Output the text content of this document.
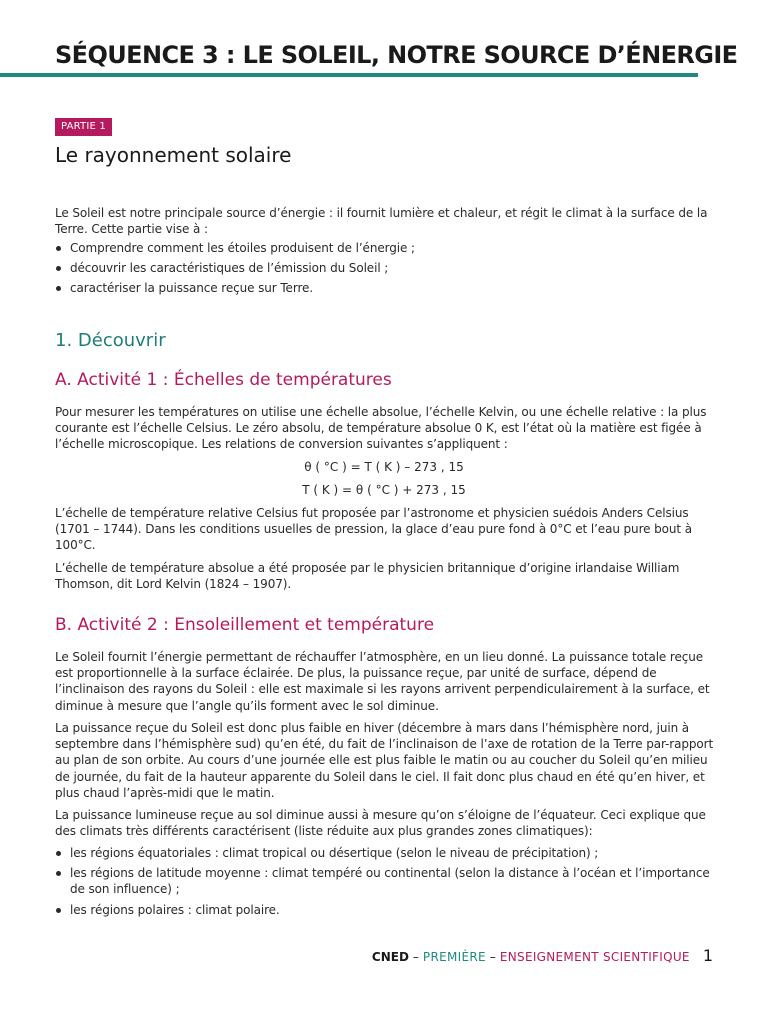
SÉQUENCE 3 : LE SOLEIL, NOTRE SOURCE D’ÉNERGIE
PARTIE 1
Le rayonnement solaire

Le Soleil est notre principale source d’énergie : il fournit lumière et chaleur, et régit le climat à la surface de la Terre. Cette partie vise à :

Comprendre comment les étoiles produisent de l’énergie ;
découvrir les caractéristiques de l’émission du Soleil ;
caractériser la puissance reçue sur Terre.
1. Découvrir
A. Activité 1 : Échelles de températures

Pour mesurer les températures on utilise une échelle absolue, l’échelle Kelvin, ou une échelle relative : la plus courante est l’échelle Celsius. Le zéro absolu, de température absolue 0 K, est l’état où la matière est figée à l’échelle microscopique. Les relations de conversion suivantes s’appliquent :

θ ( °C ) = T ( K ) – 273 , 15
T ( K ) = θ ( °C ) + 273 , 15

L’échelle de température relative Celsius fut proposée par l’astronome et physicien suédois Anders Celsius (1701 – 1744). Dans les conditions usuelles de pression, la glace d’eau pure fond à 0°C et l’eau pure bout à 100°C.

L’échelle de température absolue a été proposée par le physicien britannique d’origine irlandaise William Thomson, dit Lord Kelvin (1824 – 1907).

B. Activité 2 : Ensoleillement et température

Le Soleil fournit l’énergie permettant de réchauffer l’atmosphère, en un lieu donné. La puissance totale reçue est proportionnelle à la surface éclairée. De plus, la puissance reçue, par unité de surface, dépend de l’inclinaison des rayons du Soleil : elle est maximale si les rayons arrivent perpendiculairement à la surface, et diminue à mesure que l’angle qu’ils forment avec le sol diminue.

La puissance reçue du Soleil est donc plus faible en hiver (décembre à mars dans l’hémisphère nord, juin à septembre dans l’hémisphère sud) qu’en été, du fait de l’inclinaison de l’axe de rotation de la Terre par-rapport au plan de son orbite. Au cours d’une journée elle est plus faible le matin ou au coucher du Soleil qu’en milieu de journée, du fait de la hauteur apparente du Soleil dans le ciel. Il fait donc plus chaud en été qu’en hiver, et plus chaud l’après-midi que le matin.

La puissance lumineuse reçue au sol diminue aussi à mesure qu’on s’éloigne de l’équateur. Ceci explique que des climats très différents caractérisent (liste réduite aux plus grandes zones climatiques):

les régions équatoriales : climat tropical ou désertique (selon le niveau de précipitation) ;
les régions de latitude moyenne : climat tempéré ou continental (selon la distance à l’océan et l’importance de son influence) ;
les régions polaires : climat polaire.
CNED – PREMIÈRE – ENSEIGNEMENT SCIENTIFIQUE 1
